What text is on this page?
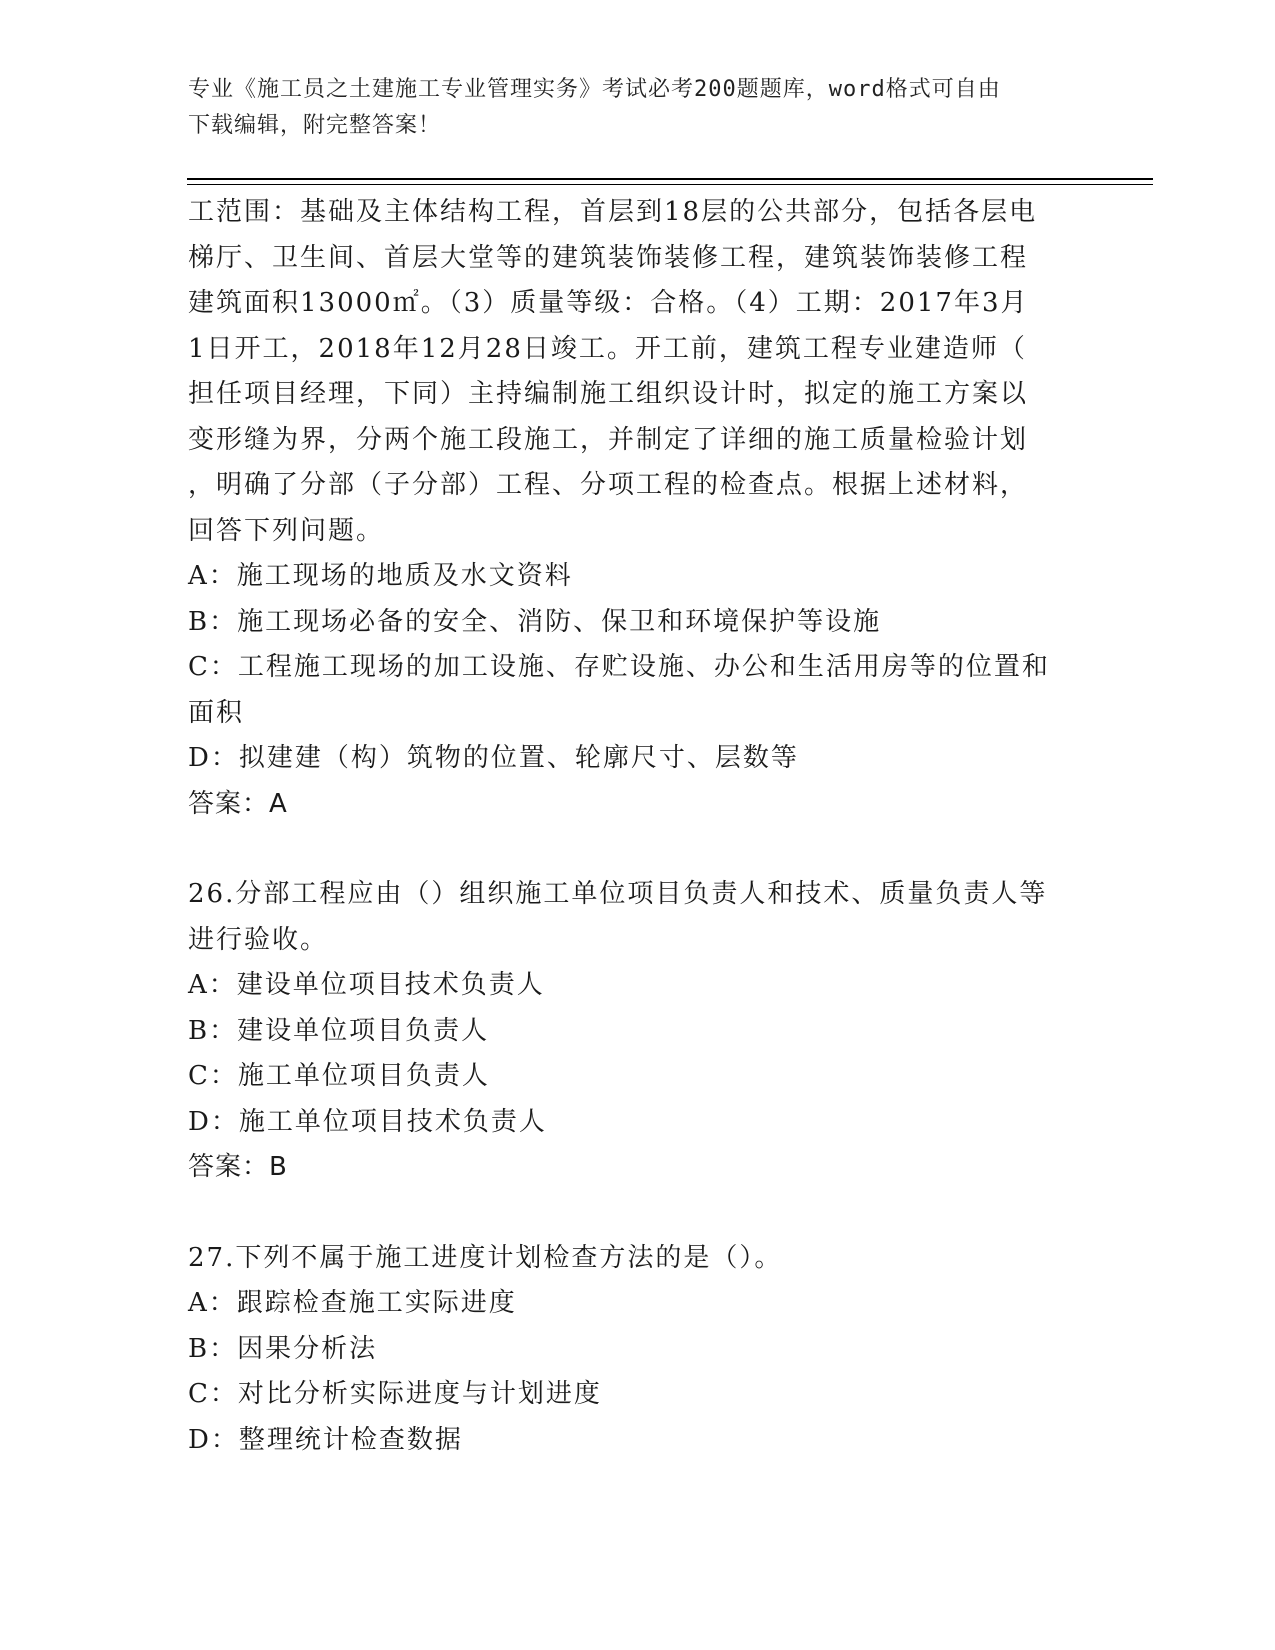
专业《施工员之土建施工专业管理实务》考试必考200题题库，word格式可自由
下载编辑，附完整答案！
工范围：基础及主体结构工程，首层到18层的公共部分，包括各层电
梯厅、卫生间、首层大堂等的建筑装饰装修工程，建筑装饰装修工程
建筑面积13000㎡。（3）质量等级：合格。（4）工期：2017年3月
1日开工，2018年12月28日竣工。开工前，建筑工程专业建造师（
担任项目经理，下同）主持编制施工组织设计时，拟定的施工方案以
变形缝为界，分两个施工段施工，并制定了详细的施工质量检验计划
，明确了分部（子分部）工程、分项工程的检查点。根据上述材料，
回答下列问题。
A：施工现场的地质及水文资料
B：施工现场必备的安全、消防、保卫和环境保护等设施
C：工程施工现场的加工设施、存贮设施、办公和生活用房等的位置和
面积
D：拟建建（构）筑物的位置、轮廓尺寸、层数等
答案：A
26.分部工程应由（）组织施工单位项目负责人和技术、质量负责人等
进行验收。
A：建设单位项目技术负责人
B：建设单位项目负责人
C：施工单位项目负责人
D：施工单位项目技术负责人
答案：B
27.下列不属于施工进度计划检查方法的是（）。
A：跟踪检查施工实际进度
B：因果分析法
C：对比分析实际进度与计划进度
D：整理统计检查数据
